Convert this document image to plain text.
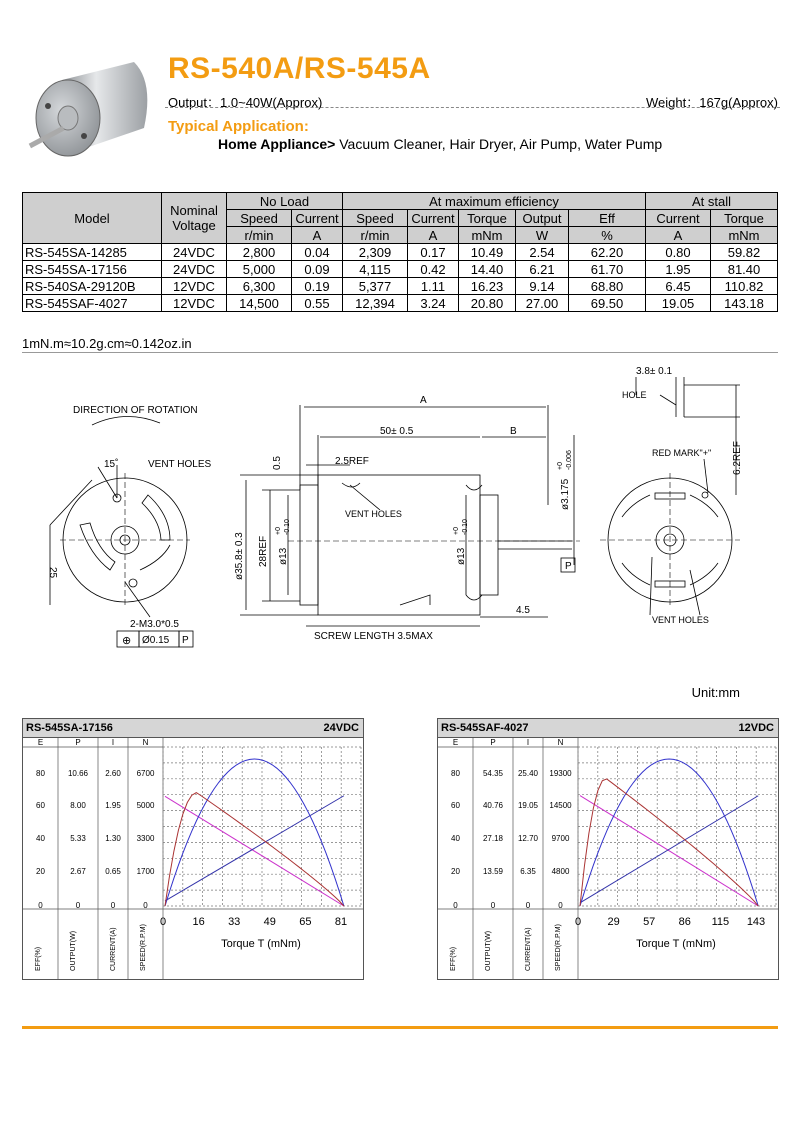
RS-540A/RS-545A
Output：1.0~40W(Approx)	Weight：167g(Approx)
Typical Application:
Home Appliance> Vacuum Cleaner, Hair Dryer, Air Pump, Water Pump
Model	Nominal Voltage	No Load		At maximum efficiency					At stall	
		Speed	Current	Speed	Current	Torque	Output	Eff	Current	Torque
		r/min	A	r/min	A	mNm	W	%	A	mNm
RS-545SA-14285	24VDC	2,800	0.04	2,309	0.17	10.49	2.54	62.20	0.80	59.82
RS-545SA-17156	24VDC	5,000	0.09	4,115	0.42	14.40	6.21	61.70	1.95	81.40
RS-540SA-29120B	12VDC	6,300	0.19	5,377	1.11	16.23	9.14	68.80	6.45	110.82
RS-545SAF-4027	12VDC	14,500	0.55	12,394	3.24	20.80	27.00	69.50	19.05	143.18
1mN.m≈10.2g.cm≈0.142oz.in
DIRECTION OF ROTATION
15˚	VENT HOLES
25
2-M3.0*0.5
Ø0.15 P
⊕
A
50± 0.5	B
0.5	2.5REF
VENT HOLES
ø35.8± 0.3 28REF ø13
+0 -0.10
ø13
+0 -0.10
ø3.175
+0 -0.006
P
4.5
SCREW LENGTH 3.5MAX
3.8± 0.1
HOLE
RED MARK"+" 6.2REF
VENT HOLES
Unit:mm
RS-545SA-17156	24VDC
0 16 33 49 65 81
Torque T (mNm)
E	P	I	N
80	10.66	2.60	6700
60	8.00	1.95	5000
40	5.33	1.30	3300
20	2.67	0.65	1700
0	0	0	0
EFF(%)	OUTPUT(W)	CURRENT(A)	SPEED(R.P.M)
RS-545SAF-4027	12VDC
0 29 57 86 115 143
Torque T (mNm)
E	P	I	N
80	54.35	25.40	19300
60	40.76	19.05	14500
40	27.18	12.70	9700
20	13.59	6.35	4800
0	0	0	0
EFF(%)	OUTPUT(W)	CURRENT(A)	SPEED(R.P.M)
